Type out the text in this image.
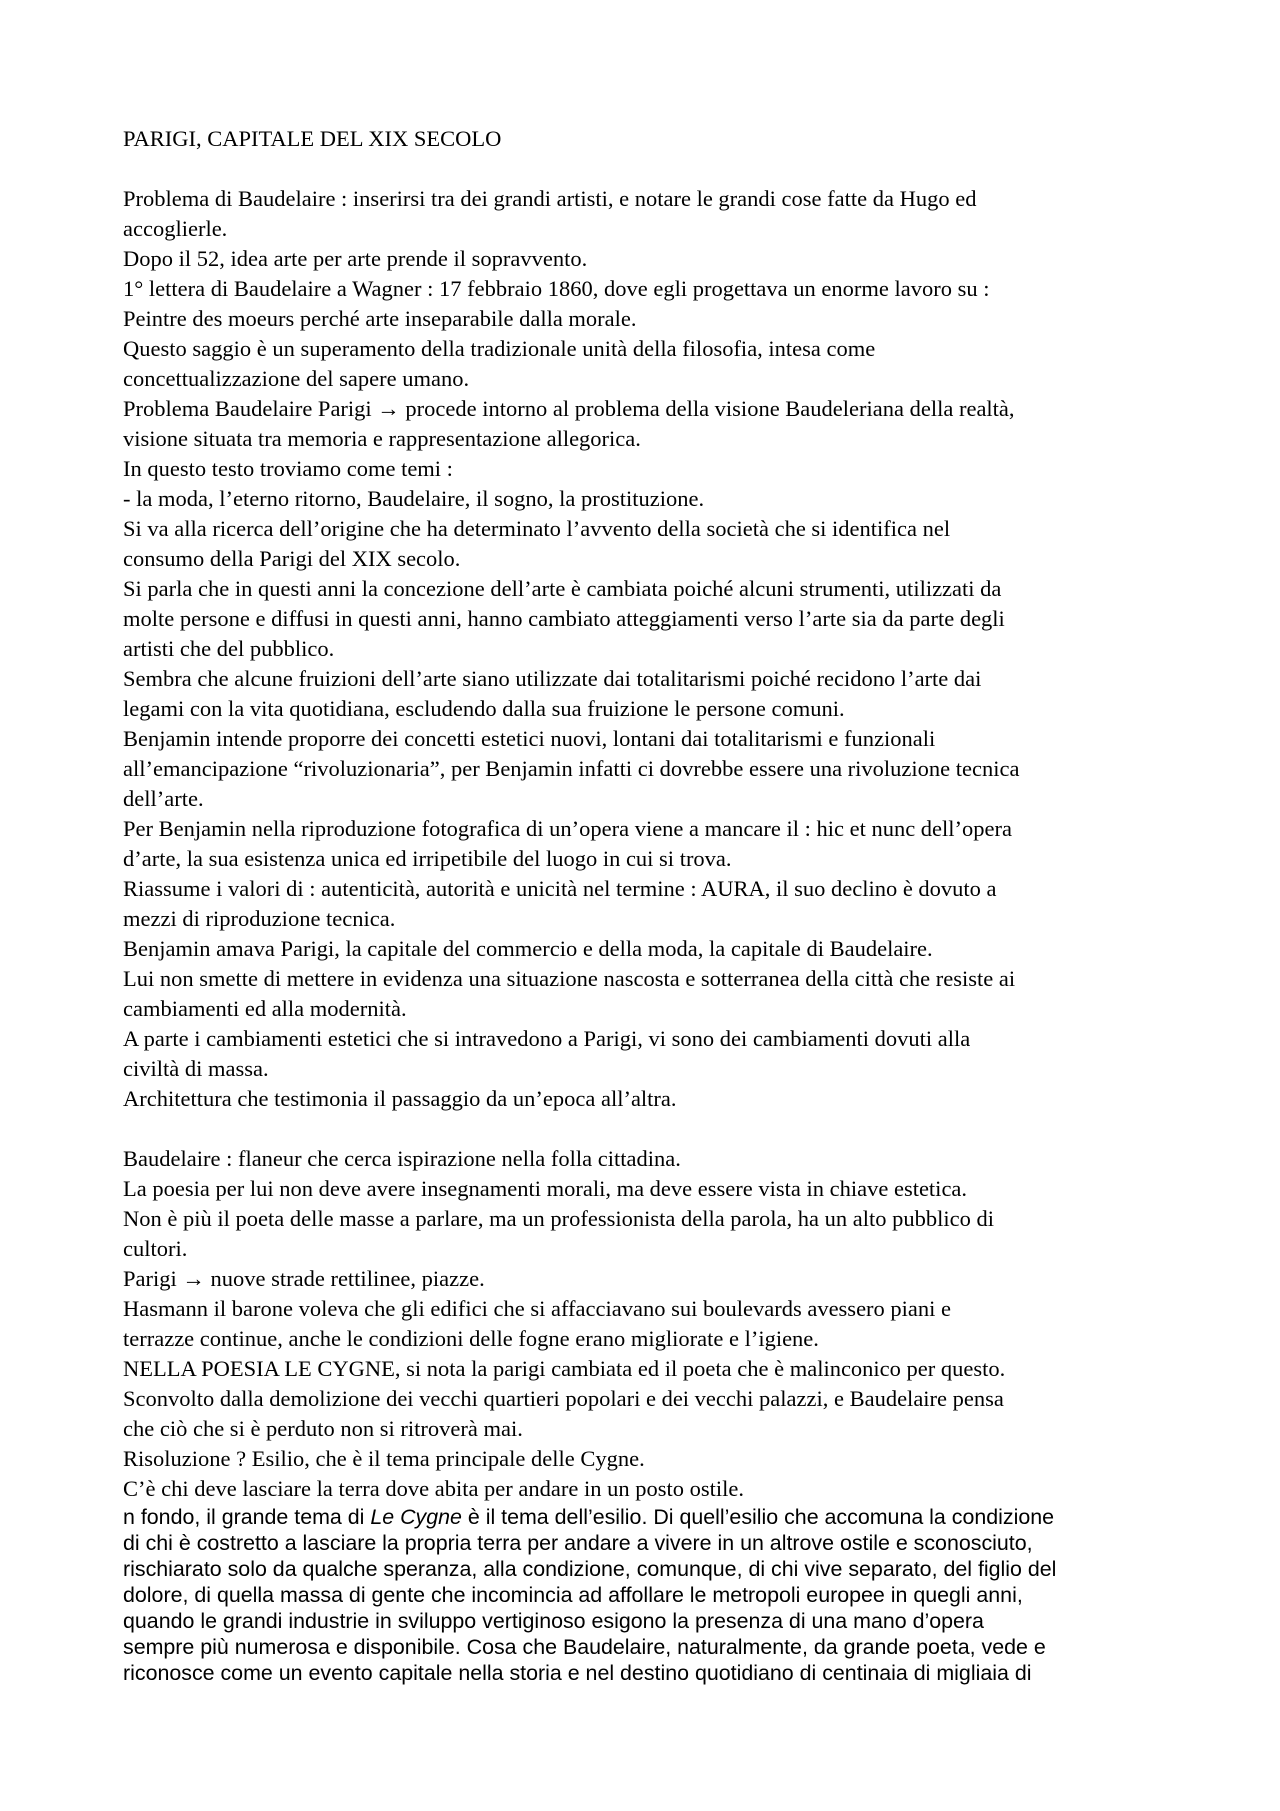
PARIGI, CAPITALE DEL XIX SECOLO
Problema di Baudelaire : inserirsi tra dei grandi artisti, e notare le grandi cose fatte da Hugo ed
accoglierle.
Dopo il 52, idea arte per arte prende il sopravvento.
1° lettera di Baudelaire a Wagner : 17 febbraio 1860, dove egli progettava un enorme lavoro su :
Peintre des moeurs perché arte inseparabile dalla morale.
Questo saggio è un superamento della tradizionale unità della filosofia, intesa come
concettualizzazione del sapere umano.
Problema Baudelaire Parigi → procede intorno al problema della visione Baudeleriana della realtà,
visione situata tra memoria e rappresentazione allegorica.
In questo testo troviamo come temi :
- la moda, l’eterno ritorno, Baudelaire, il sogno, la prostituzione.
Si va alla ricerca dell’origine che ha determinato l’avvento della società che si identifica nel
consumo della Parigi del XIX secolo.
Si parla che in questi anni la concezione dell’arte è cambiata poiché alcuni strumenti, utilizzati da
molte persone e diffusi in questi anni, hanno cambiato atteggiamenti verso l’arte sia da parte degli
artisti che del pubblico.
Sembra che alcune fruizioni dell’arte siano utilizzate dai totalitarismi poiché recidono l’arte dai
legami con la vita quotidiana, escludendo dalla sua fruizione le persone comuni.
Benjamin intende proporre dei concetti estetici nuovi, lontani dai totalitarismi e funzionali
all’emancipazione “rivoluzionaria”, per Benjamin infatti ci dovrebbe essere una rivoluzione tecnica
dell’arte.
Per Benjamin nella riproduzione fotografica di un’opera viene a mancare il : hic et nunc dell’opera
d’arte, la sua esistenza unica ed irripetibile del luogo in cui si trova.
Riassume i valori di : autenticità, autorità e unicità nel termine : AURA, il suo declino è dovuto a
mezzi di riproduzione tecnica.
Benjamin amava Parigi, la capitale del commercio e della moda, la capitale di Baudelaire.
Lui non smette di mettere in evidenza una situazione nascosta e sotterranea della città che resiste ai
cambiamenti ed alla modernità.
A parte i cambiamenti estetici che si intravedono a Parigi, vi sono dei cambiamenti dovuti alla
civiltà di massa.
Architettura che testimonia il passaggio da un’epoca all’altra.
Baudelaire : flaneur che cerca ispirazione nella folla cittadina.
La poesia per lui non deve avere insegnamenti morali, ma deve essere vista in chiave estetica.
Non è più il poeta delle masse a parlare, ma un professionista della parola, ha un alto pubblico di
cultori.
Parigi → nuove strade rettilinee, piazze.
Hasmann il barone voleva che gli edifici che si affacciavano sui boulevards avessero piani e
terrazze continue, anche le condizioni delle fogne erano migliorate e l’igiene.
NELLA POESIA LE CYGNE, si nota la parigi cambiata ed il poeta che è malinconico per questo.
Sconvolto dalla demolizione dei vecchi quartieri popolari e dei vecchi palazzi, e Baudelaire pensa
che ciò che si è perduto non si ritroverà mai.
Risoluzione ? Esilio, che è il tema principale delle Cygne.
C’è chi deve lasciare la terra dove abita per andare in un posto ostile.
n fondo, il grande tema di Le Cygne è il tema dell’esilio. Di quell’esilio che accomuna la condizione
di chi è costretto a lasciare la propria terra per andare a vivere in un altrove ostile e sconosciuto,
rischiarato solo da qualche speranza, alla condizione, comunque, di chi vive separato, del figlio del
dolore, di quella massa di gente che incomincia ad affollare le metropoli europee in quegli anni,
quando le grandi industrie in sviluppo vertiginoso esigono la presenza di una mano d’opera
sempre più numerosa e disponibile. Cosa che Baudelaire, naturalmente, da grande poeta, vede e
riconosce come un evento capitale nella storia e nel destino quotidiano di centinaia di migliaia di
